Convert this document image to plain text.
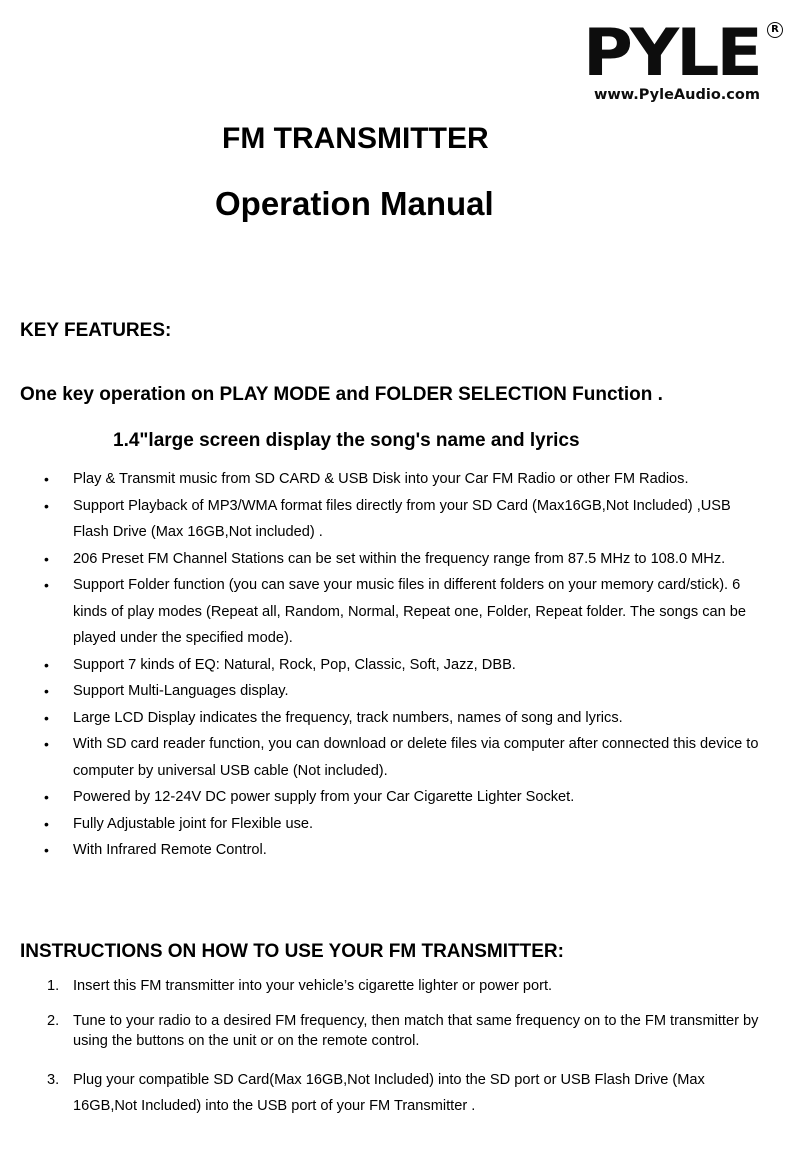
PYLE	R
www.PyleAudio.com
FM TRANSMITTER
Operation Manual
KEY FEATURES:
One key operation on PLAY MODE and FOLDER SELECTION Function .
1.4"large screen display the song's name and lyrics
• Play & Transmit music from SD CARD & USB Disk into your Car FM Radio or other FM Radios.
• Support Playback of MP3/WMA format files directly from your SD Card (Max16GB,Not Included) ,USB Flash Drive (Max 16GB,Not included) .
• 206 Preset FM Channel Stations can be set within the frequency range from 87.5 MHz to 108.0 MHz.
• Support Folder function (you can save your music files in different folders on your memory card/stick). 6 kinds of play modes (Repeat all, Random, Normal, Repeat one, Folder, Repeat folder. The songs can be played under the specified mode).
• Support 7 kinds of EQ: Natural, Rock, Pop, Classic, Soft, Jazz, DBB.
• Support Multi-Languages display.
• Large LCD Display indicates the frequency, track numbers, names of song and lyrics.
• With SD card reader function, you can download or delete files via computer after connected this device to computer by universal USB cable (Not included).
• Powered by 12-24V DC power supply from your Car Cigarette Lighter Socket.
• Fully Adjustable joint for Flexible use.
• With Infrared Remote Control.
INSTRUCTIONS ON HOW TO USE YOUR FM TRANSMITTER:
1. Insert this FM transmitter into your vehicle’s cigarette lighter or power port.
2. Tune to your radio to a desired FM frequency, then match that same frequency on to the FM transmitter by using the buttons on the unit or on the remote control.
3. Plug your compatible SD Card(Max 16GB,Not Included) into the SD port or USB Flash Drive (Max 16GB,Not Included) into the USB port of your FM Transmitter .
